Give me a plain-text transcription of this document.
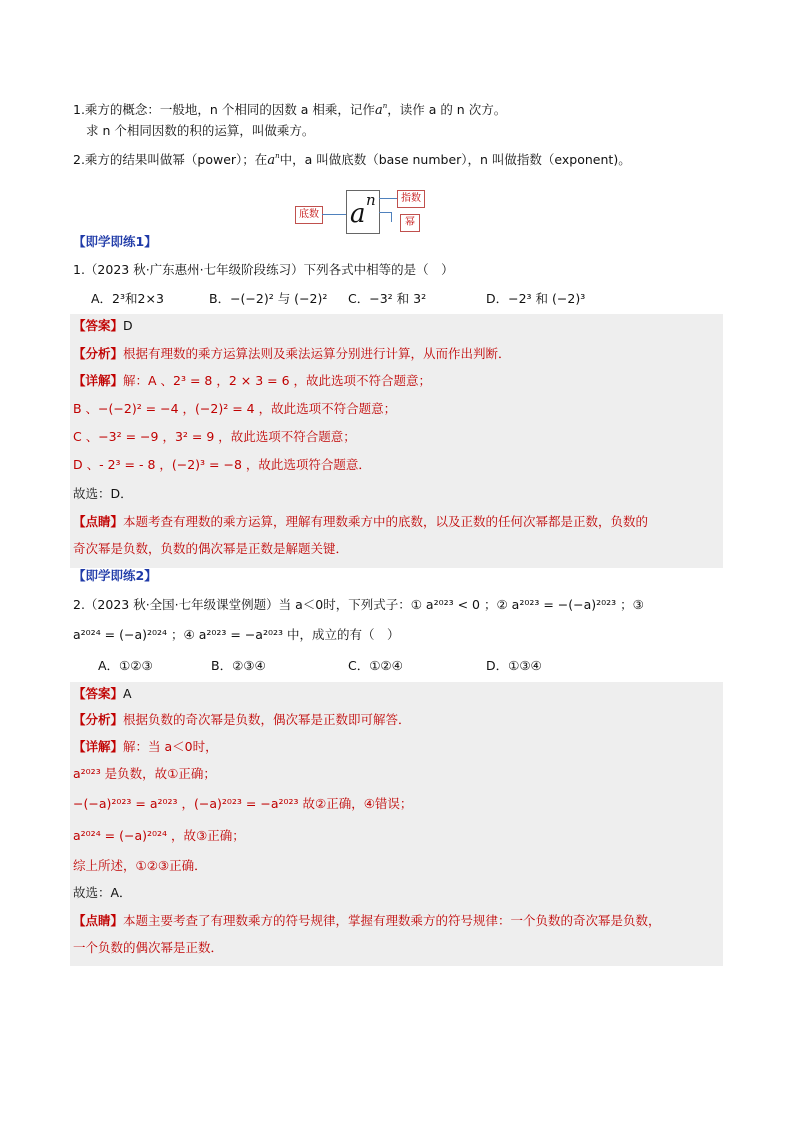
1.乘方的概念：一般地，n 个相同的因数 a 相乘，记作$a^n$，读作 a 的 n 次方。
求 n 个相同因数的积的运算，叫做乘方。
2.乘方的结果叫做幂（power）；在$a^n$中，a 叫做底数（base number），n 叫做指数（exponent)。
底数 a n	指数
幂
【即学即练1】
1.（2023 秋·广东惠州·七年级阶段练习）下列各式中相等的是（　）
A．2³和2×3	B．−(−2)² 与 (−2)² C．−3² 和 3²	D．−2³ 和 (−2)³
【答案】D
【分析】根据有理数的乘方运算法则及乘法运算分别进行计算，从而作出判断．
【详解】解：A 、2³ = 8 ，2 × 3 = 6 ，故此选项不符合题意；
B 、−(−2)² = −4 ，(−2)² = 4 ，故此选项不符合题意；
C 、−3² = −9 ，3² = 9 ，故此选项不符合题意；
D 、- 2³ = - 8 ，(−2)³ = −8 ，故此选项符合题意．
故选：D．
【点睛】本题考查有理数的乘方运算，理解有理数乘方中的底数，以及正数的任何次幂都是正数，负数的
奇次幂是负数，负数的偶次幂是正数是解题关键．
【即学即练2】
2.（2023 秋·全国·七年级课堂例题）当 a＜0时，下列式子：① a²⁰²³ < 0 ；② a²⁰²³ = −(−a)²⁰²³ ；③
a²⁰²⁴ = (−a)²⁰²⁴ ；④ a²⁰²³ = −a²⁰²³ 中，成立的有（　）
A．①②③	B．②③④	C．①②④	D．①③④
【答案】A
【分析】根据负数的奇次幂是负数，偶次幂是正数即可解答．
【详解】解：当 a＜0时，
a²⁰²³ 是负数，故①正确；
−(−a)²⁰²³ = a²⁰²³ ，(−a)²⁰²³ = −a²⁰²³ 故②正确，④错误；
a²⁰²⁴ = (−a)²⁰²⁴ ，故③正确；
综上所述，①②③正确．
故选：A．
【点睛】本题主要考查了有理数乘方的符号规律，掌握有理数乘方的符号规律：一个负数的奇次幂是负数，
一个负数的偶次幂是正数．
